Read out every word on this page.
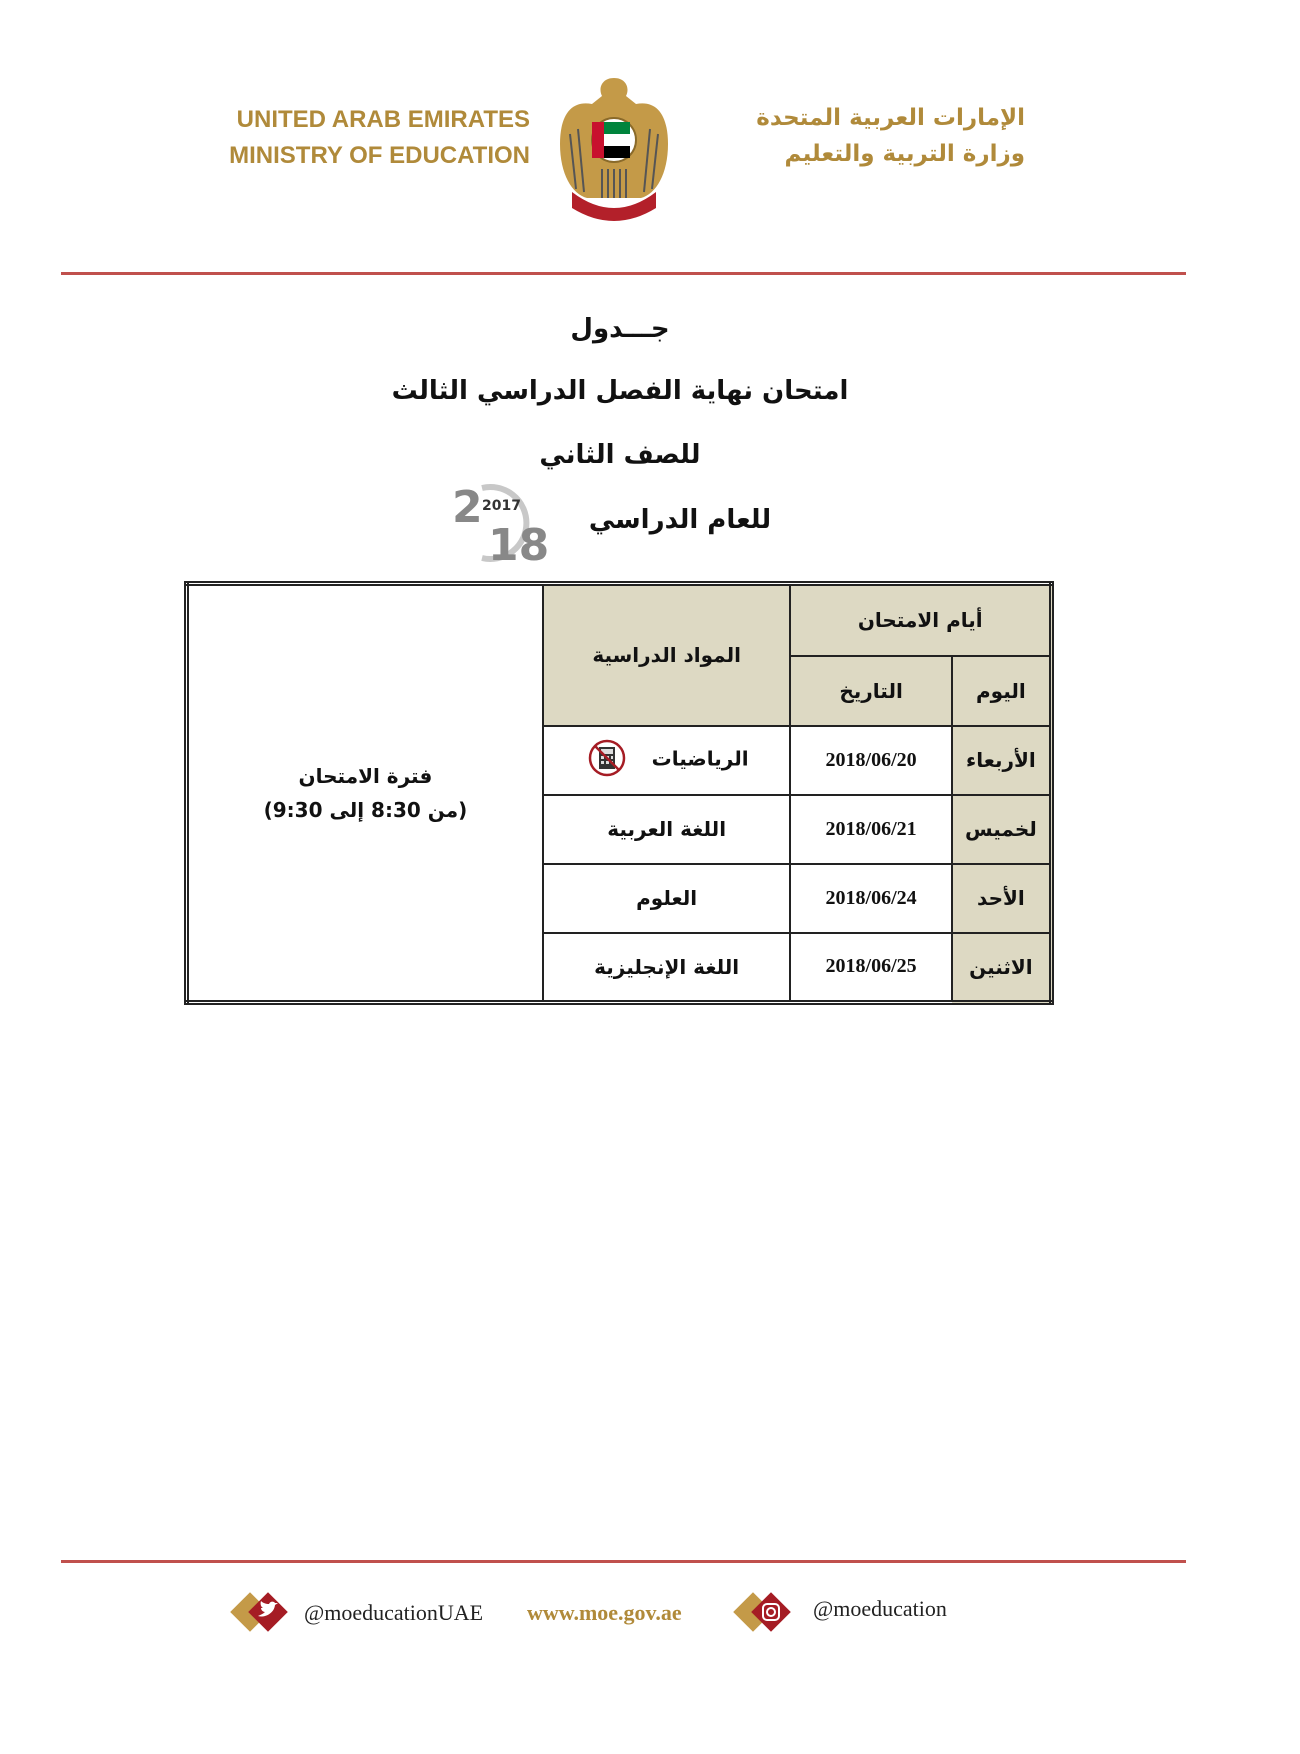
UNITED ARAB EMIRATES
MINISTRY OF EDUCATION
الإمارات العربية المتحدة
وزارة التربية والتعليم
جـــدول
امتحان نهاية الفصل الدراسي الثالث
للصف الثاني
للعام الدراسي
2 2017
18
أيام الامتحان		المواد الدراسية	فترة الامتحان
(من 8:30 إلى 9:30)

اليوم	التاريخ		
الأربعاء	2018/06/20	الرياضيات	
لخميس	2018/06/21	اللغة العربية	
الأحد	2018/06/24	العلوم	
الاثنين	2018/06/25	اللغة الإنجليزية	
@moeducationUAE www.moe.gov.ae	@moeducation
